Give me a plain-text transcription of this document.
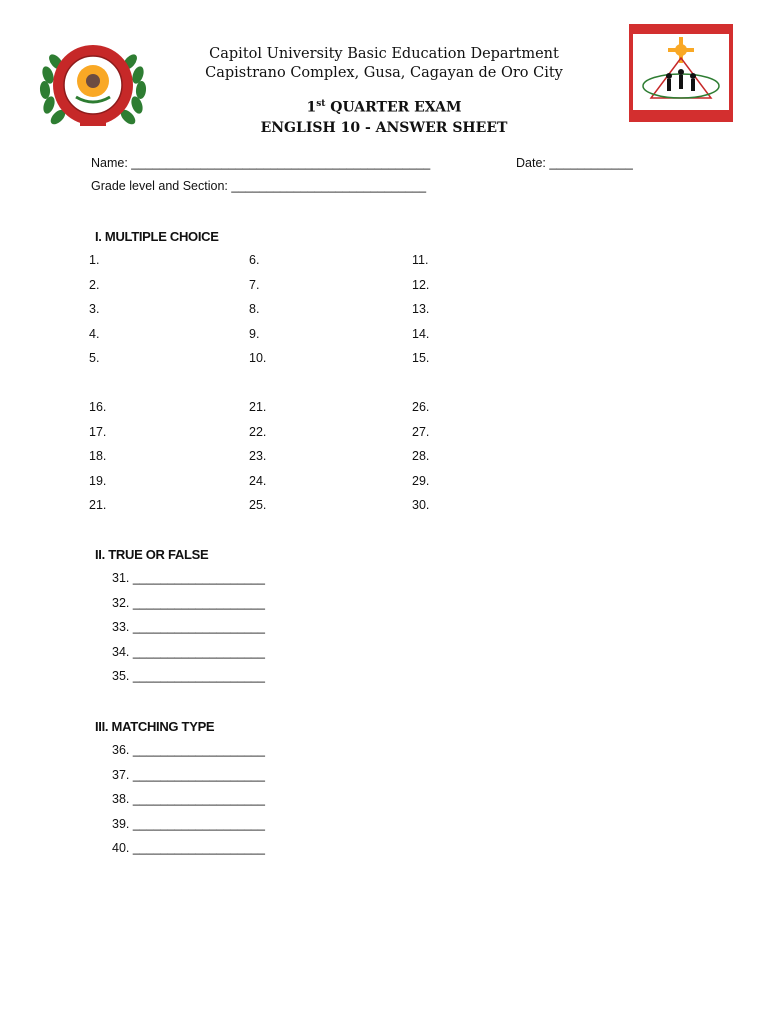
Capitol University Basic Education Department
Capistrano Complex, Gusa, Cagayan de Oro City
1st QUARTER EXAM
ENGLISH 10 - ANSWER SHEET
Name: ___________________________________________	Date: ____________
Grade level and Section: ____________________________
I. MULTIPLE CHOICE
1.	6.	11.
2.	7.	12.
3.	8.	13.
4.	9.	14.
5.	10.	15.
16.	21.	26.
17.	22.	27.
18.	23.	28.
19.	24.	29.
21.	25.	30.
II. TRUE OR FALSE
31. ___________________
32. ___________________
33. ___________________
34. ___________________
35. ___________________
III. MATCHING TYPE
36. ___________________
37. ___________________
38. ___________________
39. ___________________
40. ___________________
